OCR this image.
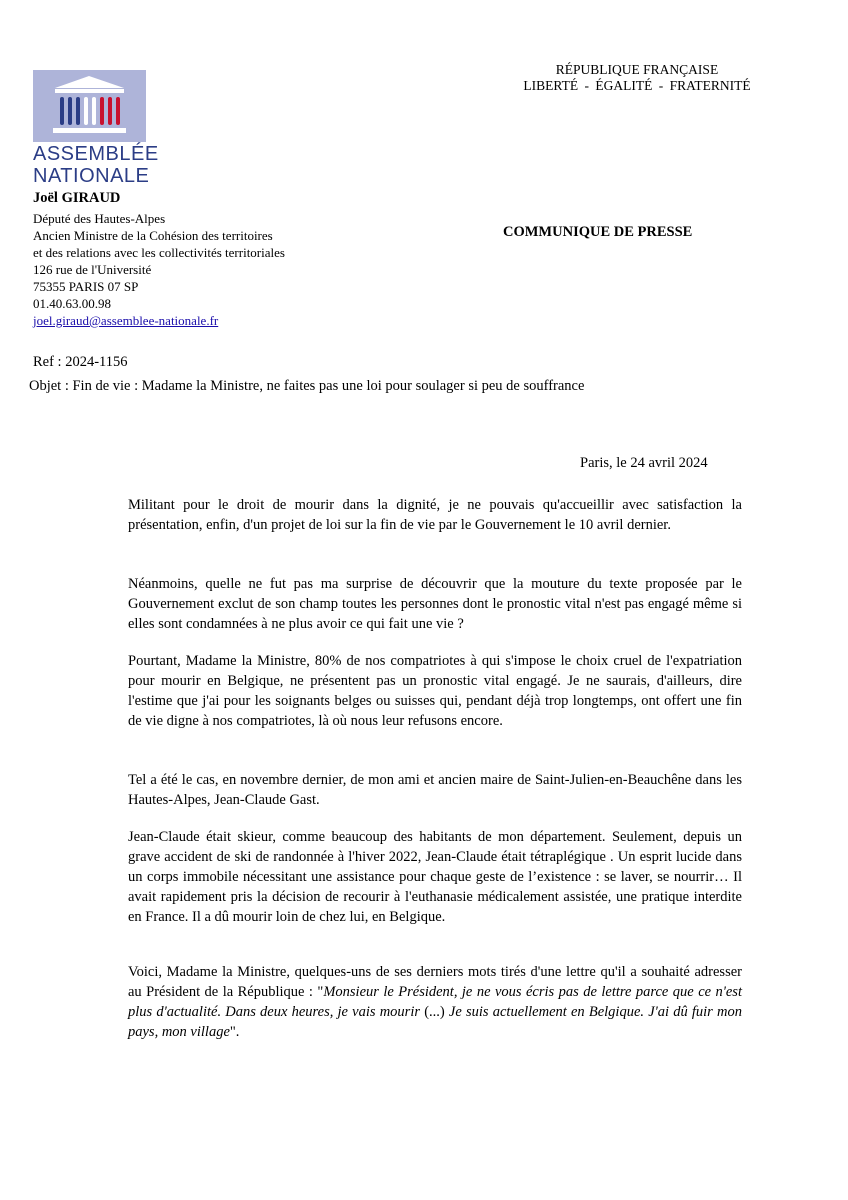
ASSEMBLÉE
NATIONALE
RÉPUBLIQUE FRANÇAISE
LIBERTÉ - ÉGALITÉ - FRATERNITÉ
Joël GIRAUD
Député des Hautes-Alpes
Ancien Ministre de la Cohésion des territoires
et des relations avec les collectivités territoriales
126 rue de l'Université
75355 PARIS 07 SP
01.40.63.00.98
joel.giraud@assemblee-nationale.fr
COMMUNIQUE DE PRESSE
Ref : 2024-1156
Objet : Fin de vie : Madame la Ministre, ne faites pas une loi pour soulager si peu de souffrance
Paris, le 24 avril 2024
Militant pour le droit de mourir dans la dignité, je ne pouvais qu'accueillir avec satisfaction la présentation, enfin, d'un projet de loi sur la fin de vie par le Gouvernement le 10 avril dernier.
Néanmoins, quelle ne fut pas ma surprise de découvrir que la mouture du texte proposée par le Gouvernement exclut de son champ toutes les personnes dont le pronostic vital n'est pas engagé même si elles sont condamnées à ne plus avoir ce qui fait une vie ?
Pourtant, Madame la Ministre, 80% de nos compatriotes à qui s'impose le choix cruel de l'expatriation pour mourir en Belgique, ne présentent pas un pronostic vital engagé. Je ne saurais, d'ailleurs, dire l'estime que j'ai pour les soignants belges ou suisses qui, pendant déjà trop longtemps, ont offert une fin de vie digne à nos compatriotes, là où nous leur refusons encore.
Tel a été le cas, en novembre dernier, de mon ami et ancien maire de Saint-Julien-en-Beauchêne dans les Hautes-Alpes, Jean-Claude Gast.
Jean-Claude était skieur, comme beaucoup des habitants de mon département. Seulement, depuis un grave accident de ski de randonnée à l'hiver 2022, Jean-Claude était tétraplégique . Un esprit lucide dans un corps immobile nécessitant une assistance pour chaque geste de l’existence : se laver, se nourrir… Il avait rapidement pris la décision de recourir à l'euthanasie médicalement assistée, une pratique interdite en France. Il a dû mourir loin de chez lui, en Belgique.
Voici, Madame la Ministre, quelques-uns de ses derniers mots tirés d'une lettre qu'il a souhaité adresser au Président de la République : "Monsieur le Président, je ne vous écris pas de lettre parce que ce n'est plus d'actualité. Dans deux heures, je vais mourir (...) Je suis actuellement en Belgique. J'ai dû fuir mon pays, mon village".
